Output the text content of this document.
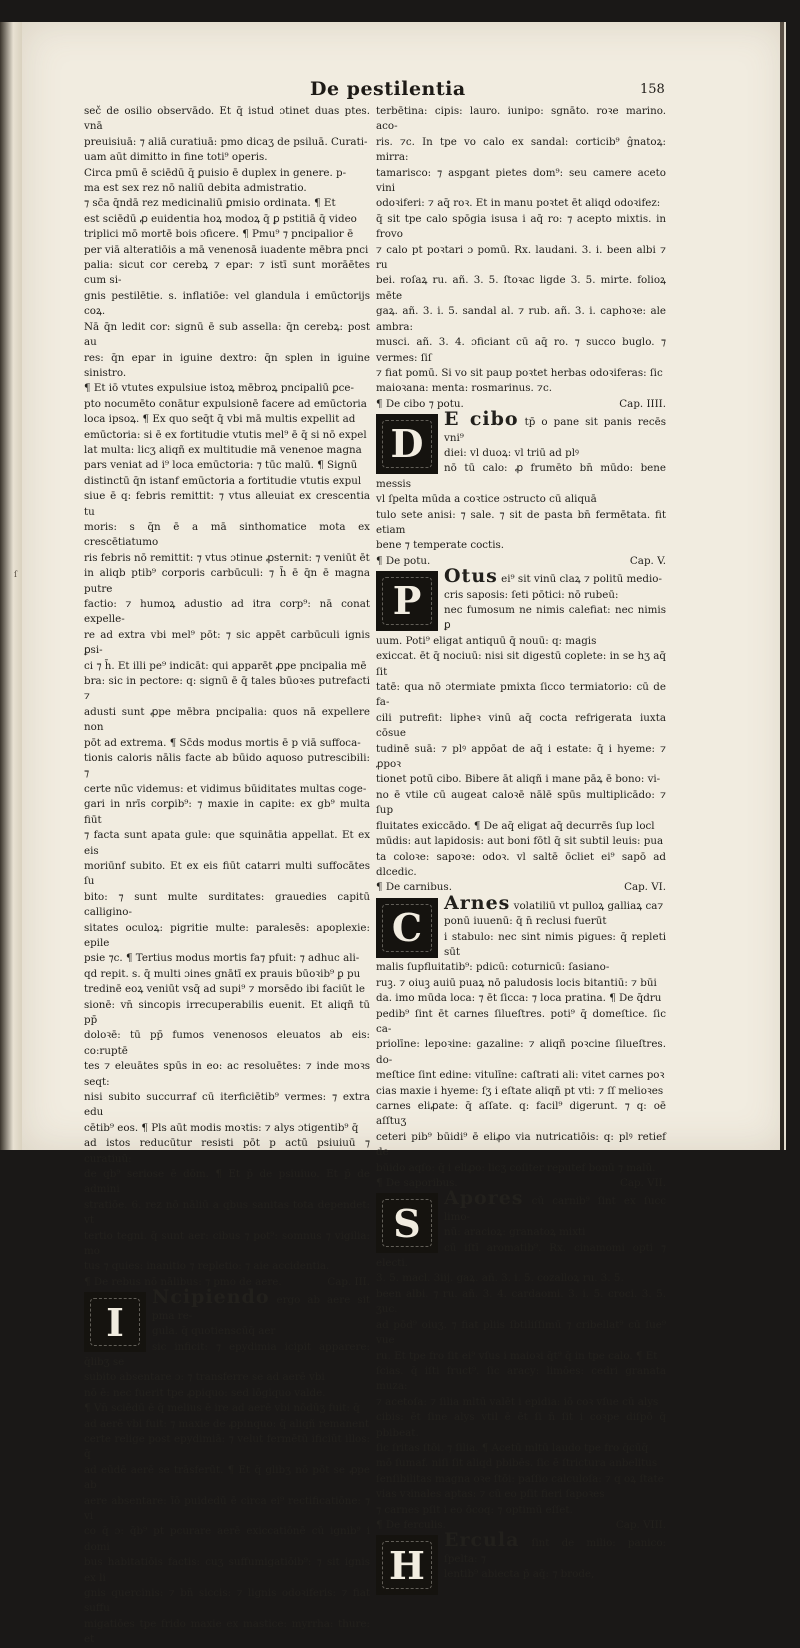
De pestilentia	158
ſ

seč de osilio observādo. Et q̄ istud ɔtinet duas ptes. vnā

preuisiuā: ⁊ aliā curatiuā: pmo dicaʒ de psiluā. Curati-

uam aūt dimitto in fine toti⁹ operis.

Circa pmū ē sciēdū q̄ ꝑuisio ē duplex in genere. p-

ma est sex rez nō naliū debita admistratio.

⁊ sc̄a q̄ndā rez medicinaliū ꝑmisio ordinata. ¶ Et

est sciēdū ꝓ euidentia hoꝝ modoꝝ q̄ ꝑ pstitiā q̄ video

triplici mō mortē bois ɔficere. ¶ Pmu⁹ ⁊ pncipalior ē

per viā alteratiōis a mā venenosā iuadente mēbra pnci

palia: sicut cor cerebꝝ ⁊ epar: ⁊ istī sunt morāētes cum si-

gnis pestilētie. s. inflatiōe: vel glandula i emūctorijs coꝝ.

Nā q̄n ledit cor: signū ē sub assella: q̄n cerebꝝ: post au

res: q̄n epar in iguine dextro: q̄n splen in iguine sinistro.

¶ Et iō vtutes expulsiue istoꝝ mēbroꝝ pncipaliū ꝑce-

pto nocumēto conātur expulsionē facere ad emūctoria

loca ipsoꝝ. ¶ Ex quo seq̄t q̄ vbi mā multis expellit ad

emūctoria: si ē ex fortitudie vtutis mel⁹ ē q̄ si nō expel

lat multa: licʒ aliqñ ex multitudie mā venenoe magna

pars veniat ad i⁹ loca emūctoria: ⁊ tūc malū. ¶ Signū

distinctū q̄n istanf emūctoria a fortitudie vtutis expul

siue ē q: febris remittit: ⁊ vtus alleuiat ex crescentia tu

moris: s q̄n ē a mā sinthomatice mota ex crescētiatumo

ris febris nō remittit: ⁊ vtus ɔtinue ꝓsternit: ⁊ veniūt ēt

in aliqb ptib⁹ corporis carbūculi: ⁊ h̄ ē q̄n ē magna putre

factio: ⁊ humoꝝ adustio ad itra corp⁹: nā conat expelle-

re ad extra vbi mel⁹ pōt: ⁊ sic appēt carbūculi ignis ꝑsi-

ci ⁊ h̄. Et illi pe⁹ indicāt: qui apparēt ꝓpe pncipalia mē

bra: sic in pectore: q: signū ē q̄ tales būoꝛes putrefacti ⁊

adusti sunt ꝓpe mēbra pncipalia: quos nā expellere non

pōt ad extrema. ¶ Sc̄ds modus mortis ē p viā suffoca-

tionis caloris nālis facte ab būido aquoso putrescibili: ⁊

certe nūc videmus: et vidimus būiditates multas coge-

gari in nrīs corꝑib⁹: ⁊ maxie in capite: ex gb⁹ multa fiūt

⁊ facta sunt apata gule: que squinātia appellat. Et ex eis

moriūnf subito. Et ex eis fiūt catarri multi suffocātes ſu

bito: ⁊ sunt multe surditates: grauedies capitū calligino-

sitates oculoꝝ: pigritie multe: paralesēs: apoplexie: epile

psie ⁊c. ¶ Tertius modus mortis fa⁊ pfuit: ⁊ adhuc ali-

qd repit. s. q̄ multi ɔines gnātī ex prauis būoꝛib⁹ ꝑ pu

tredinē eoꝝ veniūt vsq̄ ad supi⁹ ⁊ morsēdo ibi faciūt le

sionē: vn̄ sincopis irrecuperabilis euenit. Et aliqñ tū pp̄

doloꝛē: tū pp̄ fumos venenosos eleuatos ab eis: co:ruptē

tes ⁊ eleuātes spūs in eo: ac resoluētes: ⁊ inde moꝛs seqt:

nisi subito succurraf cū iterficiētib⁹ vermes: ⁊ extra edu

cētib⁹ eos. ¶ Pls aūt modis moꝛtis: ⁊ alys ɔtigentib⁹ q̄

ad istos reducūtur resisti pōt p actū psiuiuū ⁊ curatiuū:

de qb⁹ seriose ē dōm. ¶ Et p̄ de psiuiuo. Et p̄ de admini

stratiōe. 6. rez nō nāliū a qbus sanitas tota dependet: vt

tertio tegni. q̄ sunt aer: cibus ⁊ pot⁹: somnus ⁊ vigilia: mo

tus ⁊ quies: inanitio ⁊ repletio: ⁊ aie accidentia.

¶ De rebus nō nālibus: ⁊ pmo de aere.	Cap. III.

I

Ncipiendo ergo ab aere sit pma re-

gula. q̄ quotienscūq̄ aer

sic inficit: ⁊ epydimia icipit apparere: q̄libʒ se

subito absentare ɔ: ⁊ transferre se ad aerē vbi

nō ē: nec fuerit tpe ꝓpiquo: sed lōgiquo valde.

¶ Vn̄ sciēdū ē q̄ melius ē ire ad aerē vbi nōdūʒ fuit: q̄

ad aerē vbi fuit: ⁊ maxie de ꝓpinquo: q̄ aliqñ remanent

certe relige post epydimiā: ⁊ velut fermētū ificiūt illos: q̄

ad eūdē aerē se trāsferūt. ¶ Et q̄ glibʒ nō pōt se ꝓpe ab

aere absentare: īō puidedū ē circa ei⁹ rectificatiōne: ⁊ vi

co q̄ ɔ: q̄b⁹ pt pcurare aerē exiccatiōnē cū ignib⁹ i domi

bus habitatiōis factis: cuʒ suffumigatiōib⁹: ⁊ sit ignis ex li

gnis quercinis: ⁊ bn̄ siccis: ⁊ lignis odoꝛiferis: ⁊ fiat suffu

migatiōes tpe frido maxie ex mastice: myrrha: thure: et

terbētina: cipis: lauro. iunipo: sgnāto. roꝛe marino. aco-

ris. ⁊c. In tpe vo calo ex sandal: corticib⁹ ĝnatoꝝ: mirra:

tamarisco: ⁊ aspgant pietes dom⁹: seu camere aceto vini

odoꝛiferi: ⁊ aq̄ roꝛ. Et in manu poꝛtet ēt aliqd odoꝛifez:

q̄ sit tpe calo spōgia isusa i aq̄ ro: ⁊ acepto mixtis. in frovo

⁊ calo pt poꝛtari ɔ pomū. Rx. laudani. 3. i. been albi ⁊ ru

bei. roſaꝝ ru. añ. 3. 5. ſtoꝛac ligde 3. 5. mirte. folioꝝ mēte

gaꝝ. añ. 3. i. 5. sandal al. ⁊ rub. añ. 3. i. caphoꝛe: ale ambra:

musci. añ. 3. 4. ɔficiant cū aq̄ ro. ⁊ succo buglo. ⁊ vermes: ſiſ

⁊ fiat pomū. Si vo sit paup poꝛtet herbas odoꝛiferas: ſic

maioꝛana: menta: rosmarinus. ⁊c.

¶ De cibo ⁊ potu.	Cap. IIII.

D

E cibo tp̄ o pane sit panis recēs vni⁹

diei: vl duoꝝ: vl triū ad plꝰ

nō tū calo: ꝓ frumēto bn̄ mūdo: bene messis

vl ſpelta mūda a coꝛtice ɔstructo cū aliquā

tulo sete anisi: ⁊ sale. ⁊ sit de pasta bn̄ fermētata. fit etiam

bene ⁊ temperate coctis.

¶ De potu.	Cap. V.

P

Otus ei⁹ sit vinū claꝝ ⁊ politū medio-

cris saposis: ſeti pōtici: nō rubeū:

nec fumosum ne nimis calefiat: nec nimis ꝑ

uum. Poti⁹ eligat antiquū q̄ nouū: q: magis

exiccat. ēt q̄ nociuū: nisi sit digestū coplete: in se hʒ aq̄ ſit

tatē: qua nō ɔtermiate pmixta ſicco termiatorio: cū de fa-

cili putrefit: lipheꝛ vinū aq̄ cocta refrigerata iuxta cōsue

tudinē suā: ⁊ plꝰ appōat de aq̄ i estate: q̄ i hyeme: ⁊ ꝓpoꝛ

tionet potū cibo. Bibere āt aliqñ i mane pāꝝ ē bono: vi-

no ē vtile cū augeat caloꝛē nālē spūs multiplicādo: ⁊ ſup

fluitates exiccādo. ¶ De aq̄ eligat aq̄ decurrēs ſup locl

mūdis: aut lapidosis: aut boni fōtl q̄ sit subtil leuis: pua

ta coloꝛe: sapoꝛe: odoꝛ. vl saltē ōcliet ei⁹ sapō ad dlcedic.

¶ De carnibus.	Cap. VI.

C

Arnes volatiliū vt pulloꝝ galliaꝝ ca⁊

ponū iuuenū: q̄ n̄ reclusi fuerūt

i stabulo: nec sint nimis pigues: q̄ repleti sūt

malis ſupfluitatib⁹: pdicū: coturnicū: ſasiano-

ruꝫ. ⁊ oiuꝫ auiū puaꝝ nō paludosis locis bitantiū: ⁊ būi

da. imo mūda loca: ⁊ ēt ſicca: ⁊ loca pratina. ¶ De q̄dru

pedib⁹ ſint ēt carnes ſilueſtres. poti⁹ q̄ domeſtice. ſic ca-

priolīne: lepoꝛine: gazaline: ⁊ aliqñ poꝛcine ſilueſtres. do-

meſtice ſint edine: vitulīne: caſtrati ali: vitet carnes poꝛ

cias maxie i hyeme: ſʒ i eſtate aliqñ pt vti: ⁊ ſſ melioꝛes

carnes eliꝓate: q̄ aſſate. q: facil⁹ digerunt. ⁊ q: oē aſſtuʒ

ceteri pib⁹ būidi⁹ ē eliꝓo via nutricatiōis: q: plꝰ retief de

būido aqſo: q̄ i eliꝓo: licʒ coſiter reputef bonū ⁊ malū.

¶ De saporibus.	Cap. VII.

S

Apores cū carnib⁹ ſint ex ſucc limo-

nū: aracioꝝ: granatoꝝ mixti

cū iſtī aromatib⁹. Rx. cinamomi opti ⁊ electi.

3. 5. macl. 3iij. gaꝝ. añ. 3. i. 5. cozalloꝝ ru. 3. 5.

been albi. ⁊ ru. añ. 3. 4. cardaomi. 3. i. 5. croci. 3. 5. ʒuc.

ad pōd⁹ oiuʒ. ⁊ fiat pliis ſbtiliſſimū ⁊ cribellat⁹ cū ſue⁹ vue

ru. Et tpe fro ſit ei⁹ vſus i maioꝛi q̄t⁹ q̄ in tpe calo. ¶ Et

ſcias. q̄ iſti fruct⁹. ſic aracy: limōes: cedri granata muza:

⁊ acetoſa: ⁊ ſilia mltū valēt i epidia: iō coꝛ vſue cū alys

cibis: ēt ſine alys vtil ē ēt ſi n̄ ſit i coꝛpe diſpō q̄ pbibeat.

ſic ſritas ſtōi. ⁊ ſilia. ¶ Acetū mltū laudo tpe fro q̄cūq̄

mō ſumaf. niſi ſit aliqd pbibēs. ſic ē ſtrictura anbelitus

ſenſibilitas magna oꝛe ſtōi: paſſio calculoſa: ⁊ q oꝝ ſtate

vias vꝛinales aptas: ⁊ cū eo pſit fieri ſapoꝛes

⁊ carnes pſit i eo ōcoq: ⁊ optimū eſſet.

¶ De ferculis.	Cap. VIII.

H

Ercula ſint de milio: panico: ſpelta: ⁊

lentib⁹ abiecta p̄ aq̄: ⁊ brode,
